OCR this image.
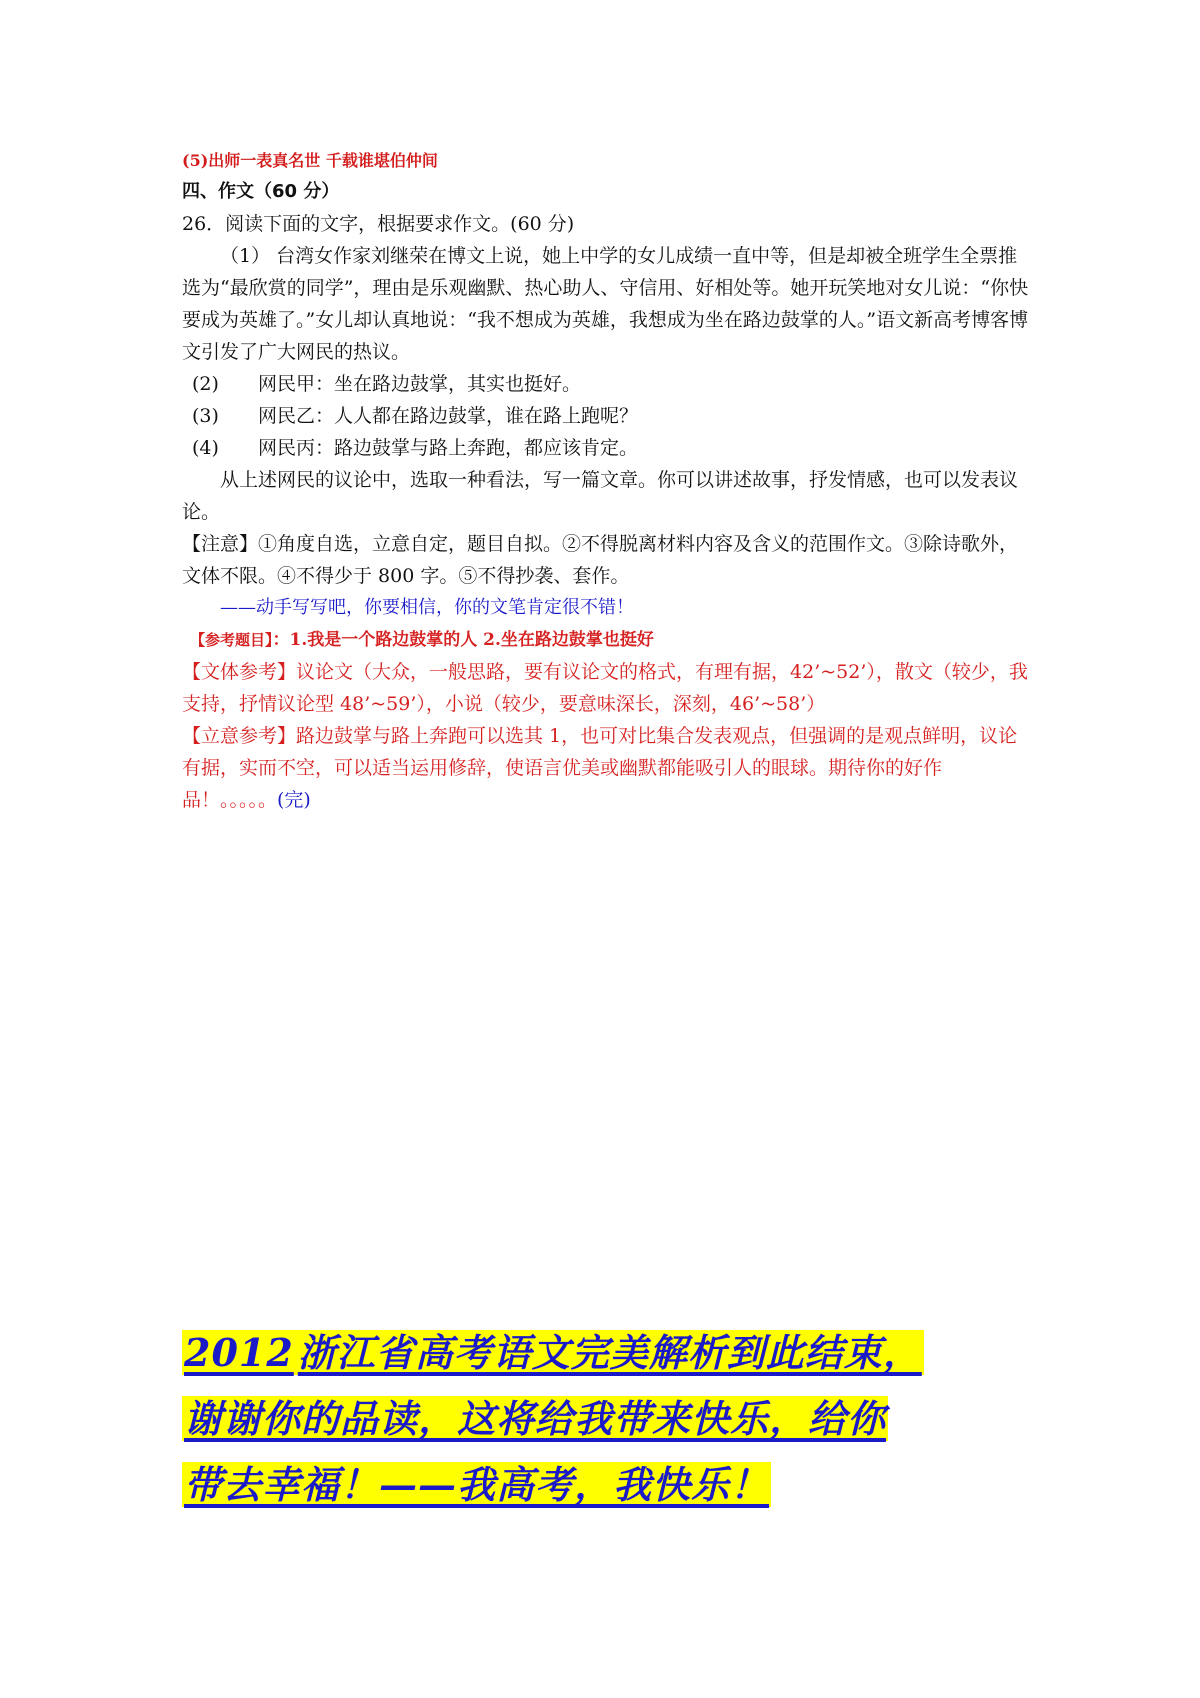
(5)出师一表真名世 千载谁堪伯仲间
四、作文（60 分）
26．阅读下面的文字，根据要求作文。(60 分)

（1） 台湾女作家刘继荣在博文上说，她上中学的女儿成绩一直中等，但是却被全班学生全票推选为“最欣赏的同学”，理由是乐观幽默、热心助人、守信用、好相处等。她开玩笑地对女儿说：“你快要成为英雄了。”女儿却认真地说：“我不想成为英雄，我想成为坐在路边鼓掌的人。”语文新高考博客博文引发了广大网民的热议。

(2) 网民甲：坐在路边鼓掌，其实也挺好。
(3) 网民乙：人人都在路边鼓掌，谁在路上跑呢？
(4) 网民丙：路边鼓掌与路上奔跑，都应该肯定。

从上述网民的议论中，选取一种看法，写一篇文章。你可以讲述故事，抒发情感，也可以发表议论。

【注意】①角度自选，立意自定，题目自拟。②不得脱离材料内容及含义的范围作文。③除诗歌外，文体不限。④不得少于 800 字。⑤不得抄袭、套作。

——动手写写吧，你要相信，你的文笔肯定很不错！
【参考题目】：1.我是一个路边鼓掌的人 2.坐在路边鼓掌也挺好

【文体参考】议论文（大众，一般思路，要有议论文的格式，有理有据，42’~52’），散文（较少，我支持，抒情议论型 48’~59’），小说（较少，要意味深长，深刻，46’~58’）

【立意参考】路边鼓掌与路上奔跑可以选其 1，也可对比集合发表观点，但强调的是观点鲜明，议论有据，实而不空，可以适当运用修辞，使语言优美或幽默都能吸引人的眼球。期待你的好作品！。。。。。(完)

2012 浙江省高考语文完美解析到此结束，
谢谢你的品读，这将给我带来快乐，给你
带去幸福！——我高考，我快乐！
